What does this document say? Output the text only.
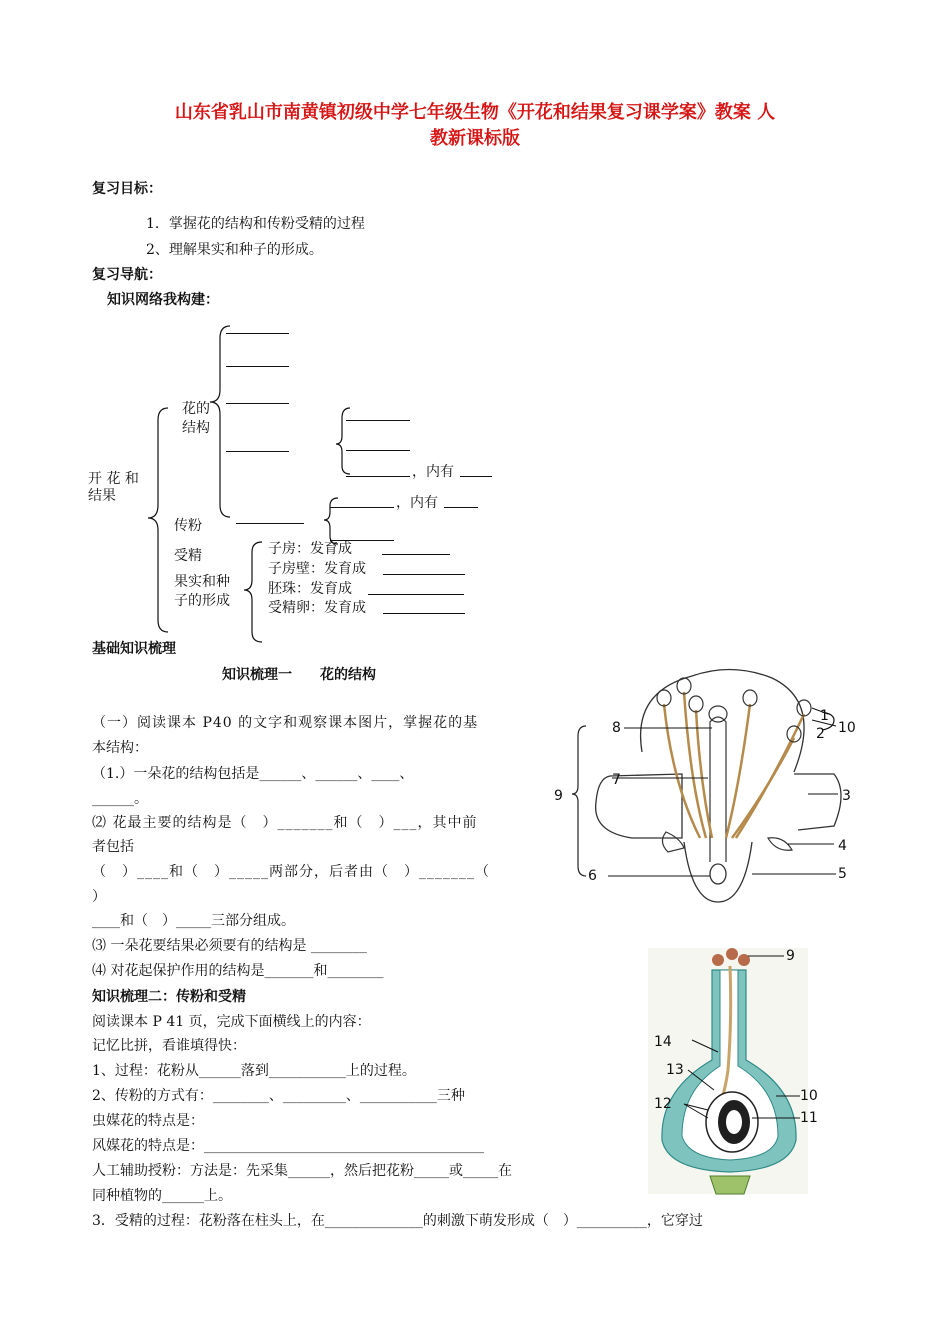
山东省乳山市南黄镇初级中学七年级生物《开花和结果复习课学案》教案 人
教新课标版
复习目标：
1．掌握花的结构和传粉受精的过程
2、理解果实和种子的形成。
复习导航：
知识网络我构建：
开 花 和
结果
花的
结构
，内有
，内有
传粉
受精
果实和种
子的形成
子房：发育成
子房壁：发育成
胚珠：发育成
受精卵：发育成
基础知识梳理
知识梳理一　　花的结构
（一）阅读课本 P40 的文字和观察课本图片，掌握花的基
本结构：
（1.）一朵花的结构包括是______、______、____、
______。
⑵ 花最主要的结构是（　）_______和（　）___，其中前
者包括
（　）____和（　）_____两部分，后者由（　）_______（
）
____和（　）_____三部分组成。
⑶ 一朵花要结果必须要有的结构是 ________
⑷ 对花起保护作用的结构是_______和________
知识梳理二：传粉和受精
阅读课本 P 41 页，完成下面横线上的内容：
记忆比拼，看谁填得快：
1、过程：花粉从______落到___________上的过程。
2、传粉的方式有：________、_________、___________三种
虫媒花的特点是：
风媒花的特点是：________________________________________
人工辅助授粉：方法是：先采集______，然后把花粉_____或_____在
同种植物的______上。
3．受精的过程：花粉落在柱头上，在______________的刺激下萌发形成（　）__________，它穿过
1
2
3
4
5
6
7
8
9
10
9
10
11
12
13
14
